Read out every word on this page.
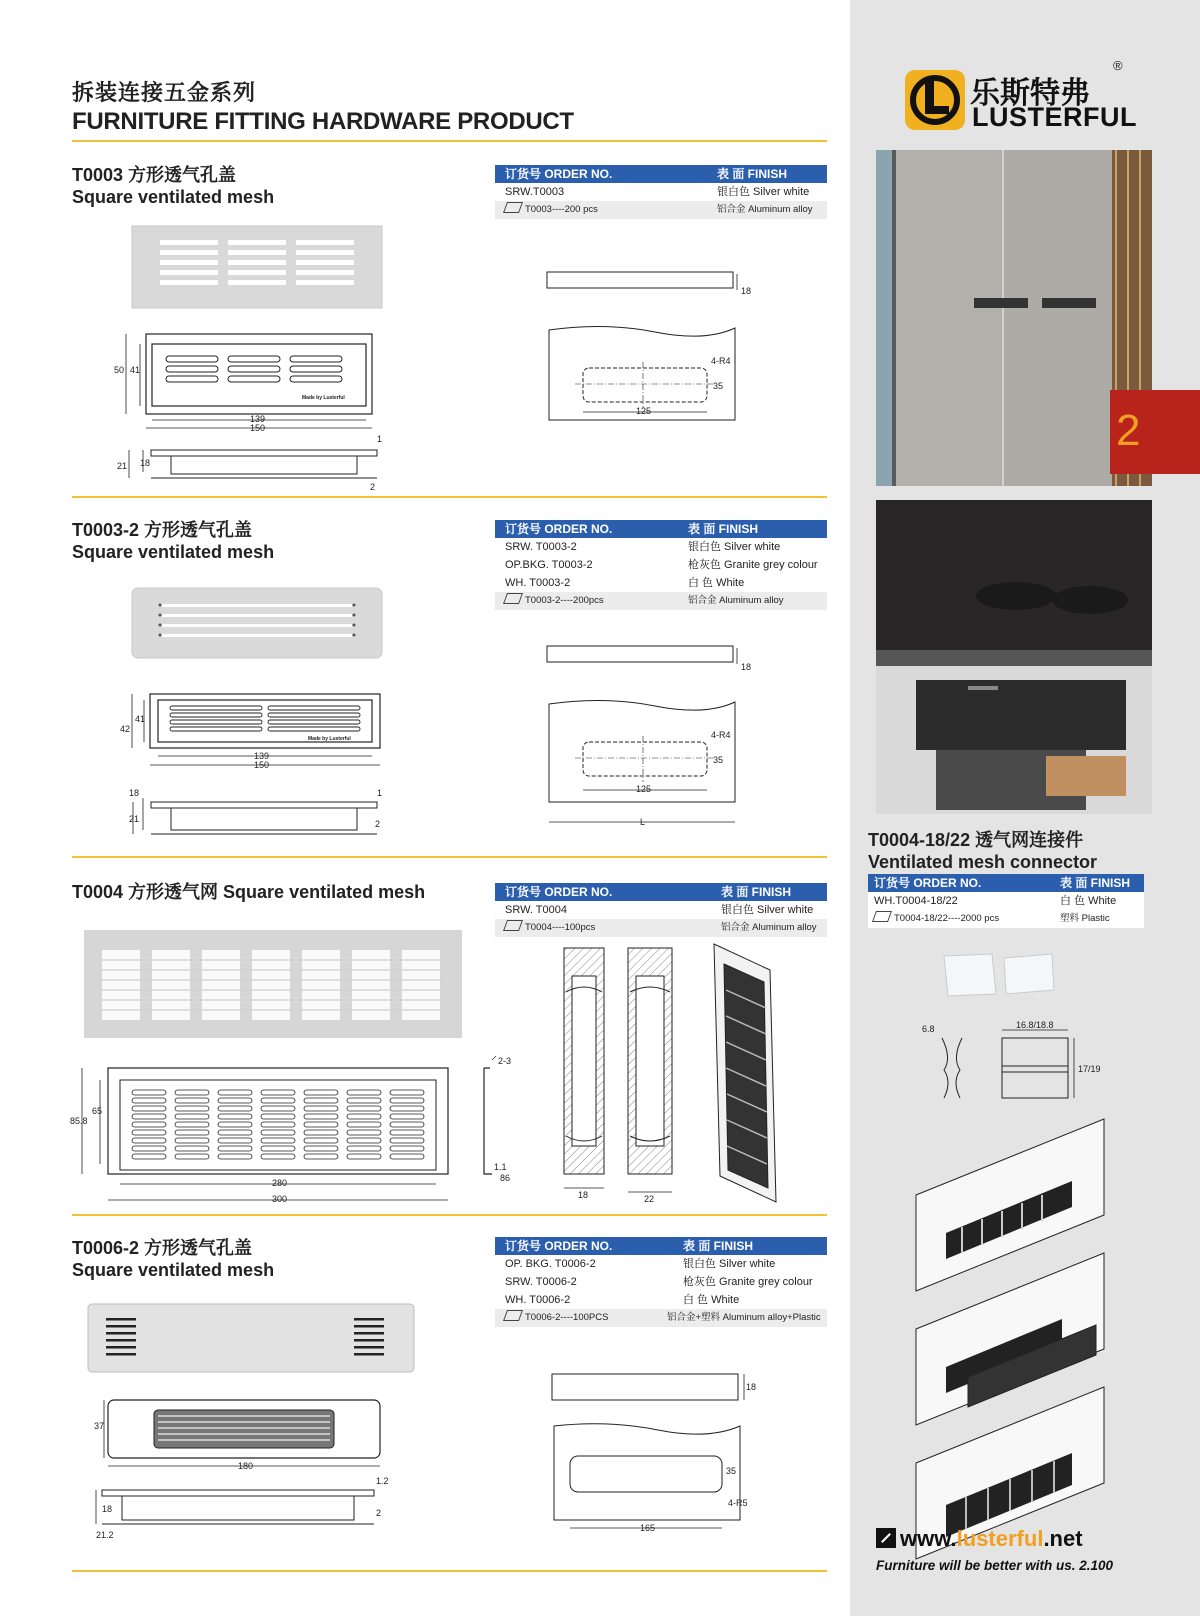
拆装连接五金系列
FURNITURE FITTING HARDWARE PRODUCT
T0003 方形透气孔盖
Square ventilated mesh
订货号 ORDER NO.	表 面 FINISH
SRW.T0003	银白色 Silver white
T0003----200 pcs	铝合金 Aluminum alloy
Made by Lusterful
50 41
139
150
21 18
1
2
18
4-R4
35
125
T0003-2 方形透气孔盖
Square ventilated mesh
订货号 ORDER NO.	表 面 FINISH
SRW. T0003-2	银白色 Silver white
OP.BKG. T0003-2	枪灰色 Granite grey colour
WH. T0003-2	白 色 White
T0003-2----200pcs	铝合金 Aluminum alloy
Made by Lusterful
42
41
139
150
18
21
1
2
18
4-R4
35
125
L
T0004 方形透气网 Square ventilated mesh	订货号 ORDER NO.	表 面 FINISH
SRW. T0004	银白色 Silver white
T0004----100pcs	铝合金 Aluminum alloy
85.8
65
280
300
2-3
1.1
86
18	22
T0006-2 方形透气孔盖
Square ventilated mesh
订货号 ORDER NO.	表 面 FINISH
OP. BKG. T0006-2	银白色 Silver white
SRW. T0006-2	枪灰色 Granite grey colour
WH. T0006-2	白 色 White
T0006-2----100PCS	铝合金+塑料 Aluminum alloy+Plastic
37
180
18
1.2
2
21.2
18
35
4-R5
165
乐斯特弗
LUSTERFUL
®
2
T0004-18/22 透气网连接件
Ventilated mesh connector
订货号 ORDER NO.	表 面 FINISH
WH.T0004-18/22	白 色 White
T0004-18/22----2000 pcs	塑料 Plastic
6.8	16.8/18.8
17/19
www.lusterful.net
Furniture will be better with us. 2.100
